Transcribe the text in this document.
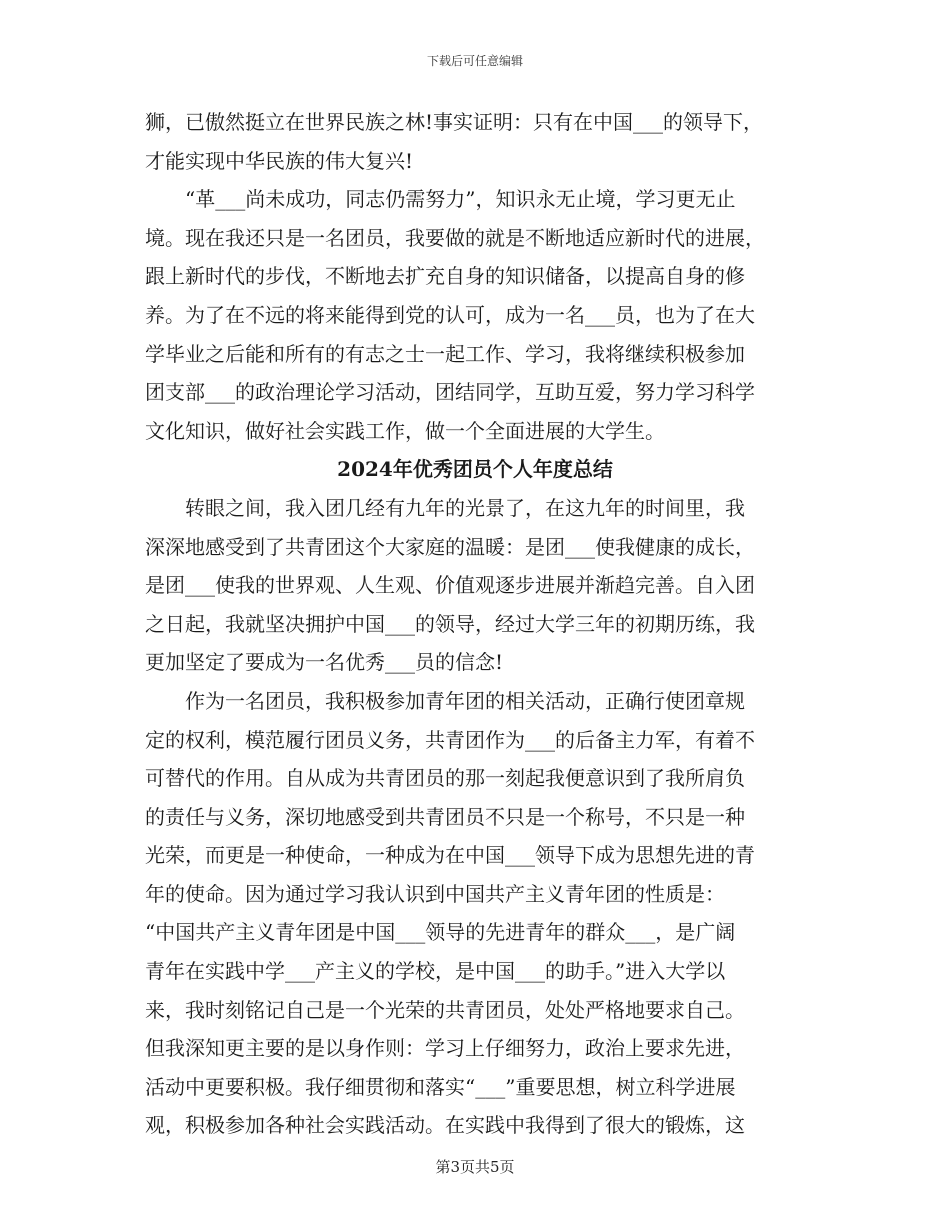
下载后可任意编辑

狮，已傲然挺立在世界民族之林!事实证明：只有在中国___的领导下，

才能实现中华民族的伟大复兴!

　　“革___尚未成功，同志仍需努力”，知识永无止境，学习更无止

境。现在我还只是一名团员，我要做的就是不断地适应新时代的进展，

跟上新时代的步伐，不断地去扩充自身的知识储备，以提高自身的修

养。为了在不远的将来能得到党的认可，成为一名___员，也为了在大

学毕业之后能和所有的有志之士一起工作、学习，我将继续积极参加

团支部___的政治理论学习活动，团结同学，互助互爱，努力学习科学

文化知识，做好社会实践工作，做一个全面进展的大学生。

2024年优秀团员个人年度总结

　　转眼之间，我入团几经有九年的光景了，在这九年的时间里，我

深深地感受到了共青团这个大家庭的温暖：是团___使我健康的成长，

是团___使我的世界观、人生观、价值观逐步进展并渐趋完善。自入团

之日起，我就坚决拥护中国___的领导，经过大学三年的初期历练，我

更加坚定了要成为一名优秀___员的信念!

　　作为一名团员，我积极参加青年团的相关活动，正确行使团章规

定的权利，模范履行团员义务，共青团作为___的后备主力军，有着不

可替代的作用。自从成为共青团员的那一刻起我便意识到了我所肩负

的责任与义务，深切地感受到共青团员不只是一个称号，不只是一种

光荣，而更是一种使命，一种成为在中国___领导下成为思想先进的青

年的使命。因为通过学习我认识到中国共产主义青年团的性质是：

“中国共产主义青年团是中国___领导的先进青年的群众___，是广阔

青年在实践中学___产主义的学校，是中国___的助手。”进入大学以

来，我时刻铭记自己是一个光荣的共青团员，处处严格地要求自己。

但我深知更主要的是以身作则：学习上仔细努力，政治上要求先进，

活动中更要积极。我仔细贯彻和落实“___”重要思想，树立科学进展

观，积极参加各种社会实践活动。在实践中我得到了很大的锻炼，这

第3页共5页
